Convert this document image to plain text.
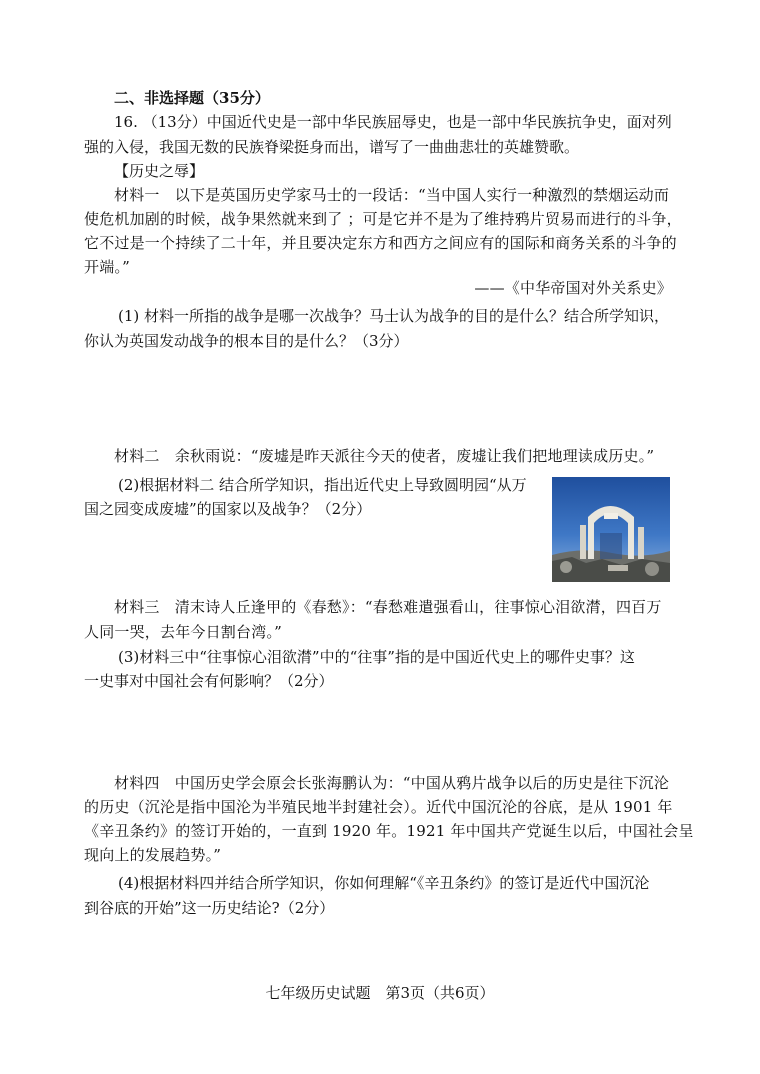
二、非选择题（35分）
16. （13分）中国近代史是一部中华民族屈辱史，也是一部中华民族抗争史，面对列
强的入侵，我国无数的民族脊梁挺身而出，谱写了一曲曲悲壮的英雄赞歌。
【历史之辱】
材料一　以下是英国历史学家马士的一段话：“当中国人实行一种激烈的禁烟运动而
使危机加剧的时候，战争果然就来到了 ；可是它并不是为了维持鸦片贸易而进行的斗争，
它不过是一个持续了二十年，并且要决定东方和西方之间应有的国际和商务关系的斗争的
开端。”
——《中华帝国对外关系史》
(1) 材料一所指的战争是哪一次战争？马士认为战争的目的是什么？结合所学知识，
你认为英国发动战争的根本目的是什么？（3分）
材料二　余秋雨说：“废墟是昨天派往今天的使者，废墟让我们把地理读成历史。”
(2)根据材料二 结合所学知识，指出近代史上导致圆明园“从万
国之园变成废墟”的国家以及战争？（2分）
材料三　清末诗人丘逢甲的《春愁》：“春愁难遣强看山，往事惊心泪欲潸，四百万
人同一哭，去年今日割台湾。”
(3)材料三中“往事惊心泪欲潸”中的“往事”指的是中国近代史上的哪件史事？这
一史事对中国社会有何影响？（2分）
材料四　中国历史学会原会长张海鹏认为：“中国从鸦片战争以后的历史是往下沉沦
的历史（沉沦是指中国沦为半殖民地半封建社会）。近代中国沉沦的谷底，是从 1901 年
《辛丑条约》的签订开始的，一直到 1920 年。1921 年中国共产党诞生以后，中国社会呈
现向上的发展趋势。”
(4)根据材料四并结合所学知识，你如何理解“《辛丑条约》的签订是近代中国沉沦
到谷底的开始”这一历史结论?（2分）
七年级历史试题　第3页（共6页）
